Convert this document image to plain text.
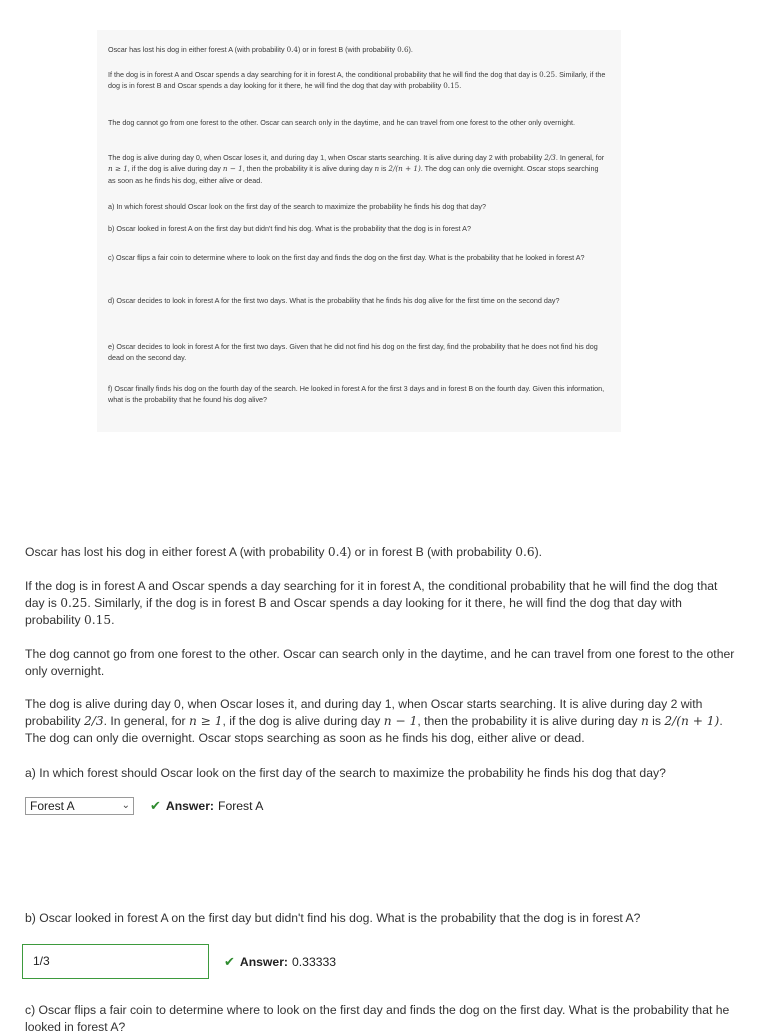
Oscar has lost his dog in either forest A (with probability 0.4) or in forest B (with probability 0.6).

If the dog is in forest A and Oscar spends a day searching for it in forest A, the conditional probability that he will find the dog that day is 0.25. Similarly, if the dog is in forest B and Oscar spends a day looking for it there, he will find the dog that day with probability 0.15.

The dog cannot go from one forest to the other. Oscar can search only in the daytime, and he can travel from one forest to the other only overnight.

The dog is alive during day 0, when Oscar loses it, and during day 1, when Oscar starts searching. It is alive during day 2 with probability 2/3. In general, for n ≥ 1, if the dog is alive during day n − 1, then the probability it is alive during day n is 2/(n + 1). The dog can only die overnight. Oscar stops searching as soon as he finds his dog, either alive or dead.

a) In which forest should Oscar look on the first day of the search to maximize the probability he finds his dog that day?

b) Oscar looked in forest A on the first day but didn't find his dog. What is the probability that the dog is in forest A?

c) Oscar flips a fair coin to determine where to look on the first day and finds the dog on the first day. What is the probability that he looked in forest A?

d) Oscar decides to look in forest A for the first two days. What is the probability that he finds his dog alive for the first time on the second day?

e) Oscar decides to look in forest A for the first two days. Given that he did not find his dog on the first day, find the probability that he does not find his dog dead on the second day.

f) Oscar finally finds his dog on the fourth day of the search. He looked in forest A for the first 3 days and in forest B on the fourth day. Given this information, what is the probability that he found his dog alive?

Oscar has lost his dog in either forest A (with probability 0.4) or in forest B (with probability 0.6).

If the dog is in forest A and Oscar spends a day searching for it in forest A, the conditional probability that he will find the dog that day is 0.25. Similarly, if the dog is in forest B and Oscar spends a day looking for it there, he will find the dog that day with probability 0.15.

The dog cannot go from one forest to the other. Oscar can search only in the daytime, and he can travel from one forest to the other only overnight.

The dog is alive during day 0, when Oscar loses it, and during day 1, when Oscar starts searching. It is alive during day 2 with probability 2/3. In general, for n ≥ 1, if the dog is alive during day n − 1, then the probability it is alive during day n is 2/(n + 1). The dog can only die overnight. Oscar stops searching as soon as he finds his dog, either alive or dead.

a) In which forest should Oscar look on the first day of the search to maximize the probability he finds his dog that day?

Forest A	⌄ ✔ Answer: Forest A

b) Oscar looked in forest A on the first day but didn't find his dog. What is the probability that the dog is in forest A?

1/3	✔ Answer: 0.33333

c) Oscar flips a fair coin to determine where to look on the first day and finds the dog on the first day. What is the probability that he looked in forest A?
